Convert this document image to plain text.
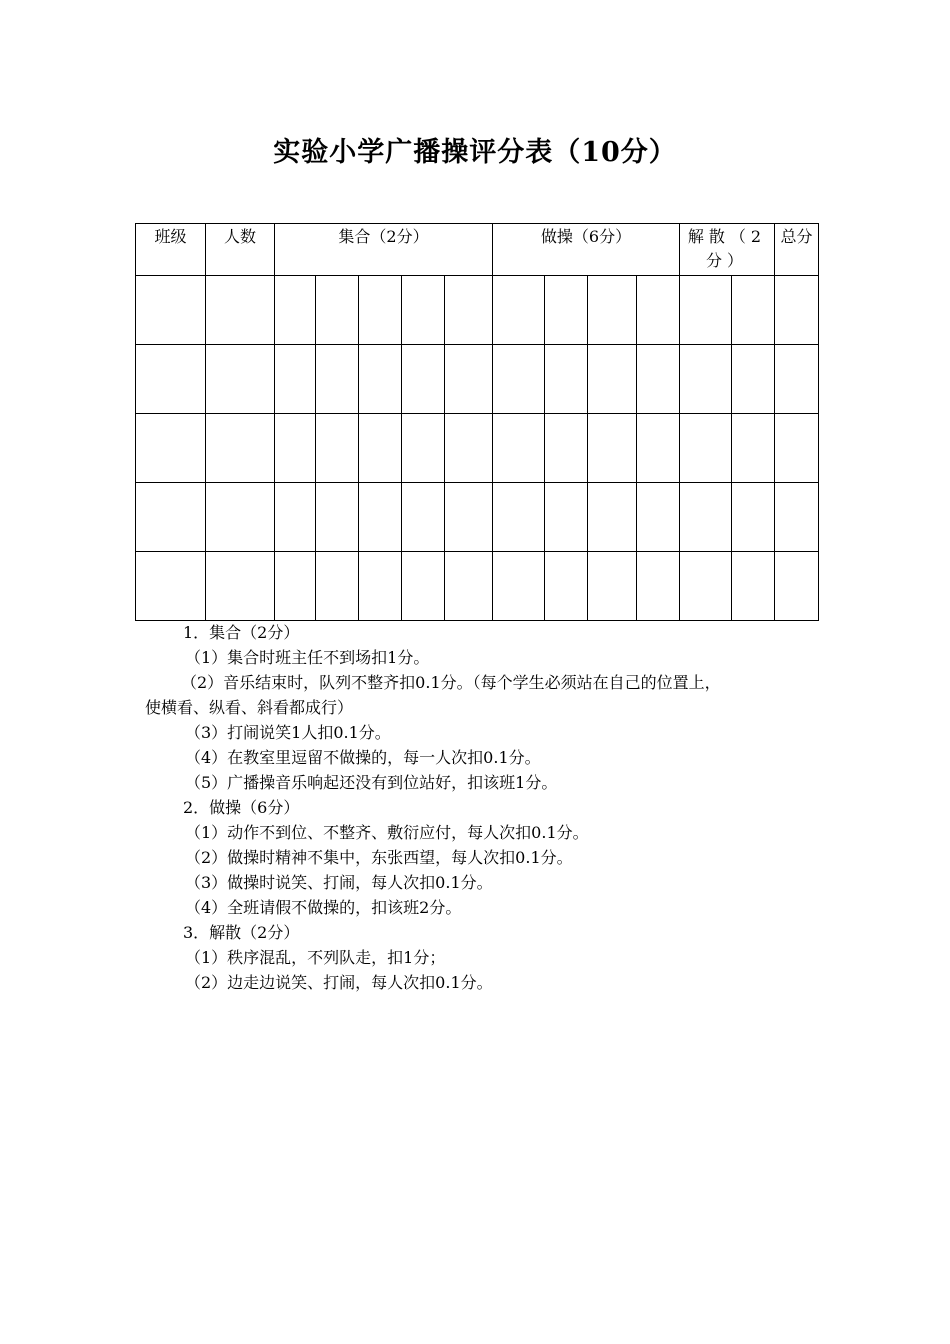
实验小学广播操评分表（10分）
班级	人数	集合（2分）					做操（6分）				解散（2分）		总分

1．集合（2分）

（1）集合时班主任不到场扣1分。

（2）音乐结束时，队列不整齐扣0.1分。（每个学生必须站在自己的位置上，

使横看、纵看、斜看都成行）

（3）打闹说笑1人扣0.1分。

（4）在教室里逗留不做操的，每一人次扣0.1分。

（5）广播操音乐响起还没有到位站好，扣该班1分。

2．做操（6分）

（1）动作不到位、不整齐、敷衍应付，每人次扣0.1分。

（2）做操时精神不集中，东张西望，每人次扣0.1分。

（3）做操时说笑、打闹，每人次扣0.1分。

（4）全班请假不做操的，扣该班2分。

3．解散（2分）

（1）秩序混乱，不列队走，扣1分；

（2）边走边说笑、打闹，每人次扣0.1分。
